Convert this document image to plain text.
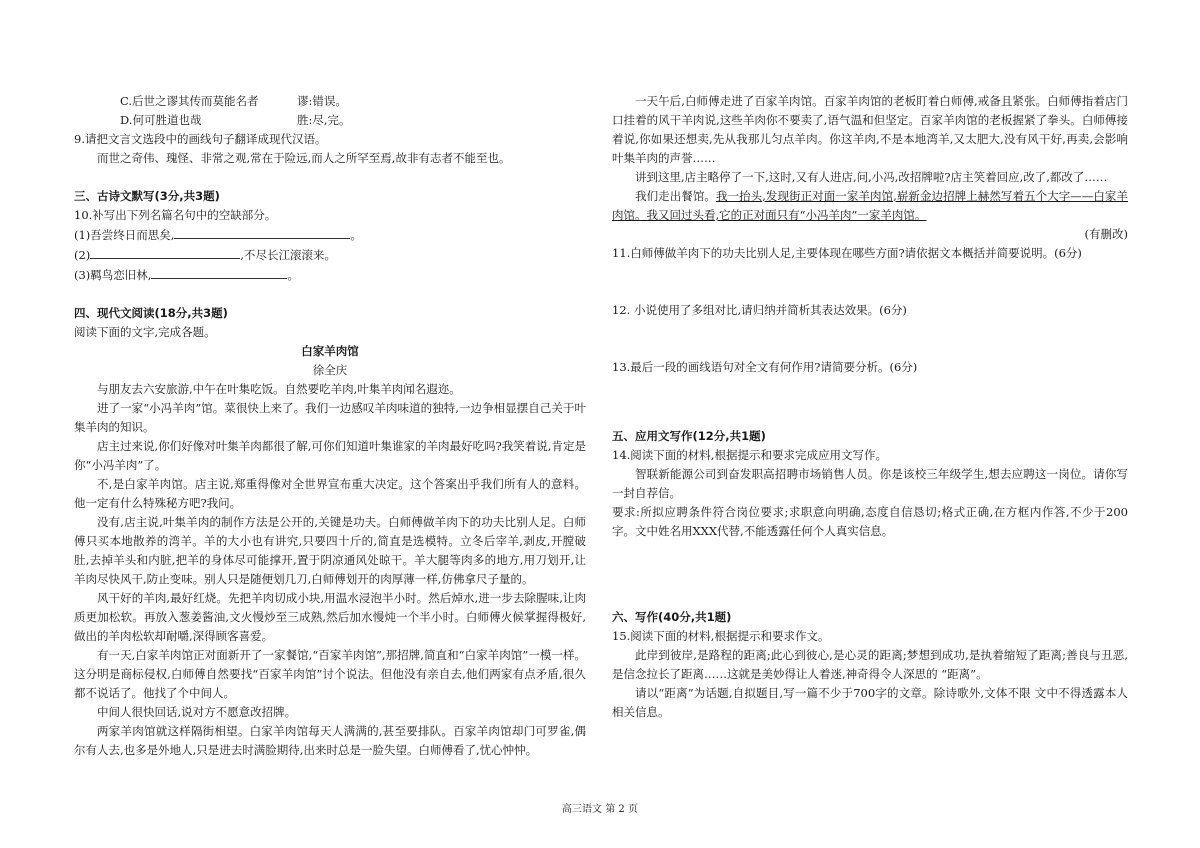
C.后世之谬其传而莫能名者	谬:错误。
D.何可胜道也哉	胜:尽,完。
9.请把文言文选段中的画线句子翻译成现代汉语。
而世之奇伟、瑰怪、非常之观,常在于险远,而人之所罕至焉,故非有志者不能至也。
三、古诗文默写(3分,共3题)
10.补写出下列名篇名句中的空缺部分。
(1)吾尝终日而思矣,	。
(2)	,不尽长江滚滚来。
(3)羁鸟恋旧林,	。
四、现代文阅读(18分,共3题)
阅读下面的文字,完成各题。
白家羊肉馆
徐全庆
与朋友去六安旅游,中午在叶集吃饭。自然要吃羊肉,叶集羊肉闻名遐迩。
进了一家“小冯羊肉”馆。菜很快上来了。我们一边感叹羊肉味道的独特,一边争相显摆自己关于叶集羊肉的知识。
店主过来说,你们好像对叶集羊肉都很了解,可你们知道叶集谁家的羊肉最好吃吗?我笑着说,肯定是你“小冯羊肉”了。
不,是白家羊肉馆。店主说,郑重得像对全世界宣布重大决定。这个答案出乎我们所有人的意料。他一定有什么特殊秘方吧?我问。
没有,店主说,叶集羊肉的制作方法是公开的,关键是功夫。白师傅做羊肉下的功夫比别人足。白师傅只买本地散养的湾羊。羊的大小也有讲究,只要四十斤的,简直是选模特。立冬后宰羊,剥皮,开膛破肚,去掉羊头和内脏,把羊的身体尽可能撑开,置于阴凉通风处晾干。羊大腿等肉多的地方,用刀划开,让羊肉尽快风干,防止变味。别人只是随便划几刀,白师傅划开的肉厚薄一样,仿佛拿尺子量的。
风干好的羊肉,最好红烧。先把羊肉切成小块,用温水浸泡半小时。然后焯水,进一步去除腥味,让肉质更加松软。再放入葱姜酱油,文火慢炒至三成熟,然后加水慢炖一个半小时。白师傅火候掌握得极好,做出的羊肉松软却耐嚼,深得顾客喜爱。
有一天,白家羊肉馆正对面新开了一家餐馆,“百家羊肉馆”,那招牌,简直和“白家羊肉馆”一模一样。这分明是商标侵权,白师傅自然要找“百家羊肉馆”讨个说法。但他没有亲自去,他们两家有点矛盾,很久都不说话了。他找了个中间人。
中间人很快回话,说对方不愿意改招牌。
两家羊肉馆就这样隔街相望。白家羊肉馆每天人满满的,甚至要排队。百家羊肉馆却门可罗雀,偶尔有人去,也多是外地人,只是进去时满脸期待,出来时总是一脸失望。白师傅看了,忧心忡忡。
一天午后,白师傅走进了百家羊肉馆。百家羊肉馆的老板盯着白师傅,戒备且紧张。白师傅指着店门口挂着的风干羊肉说,这些羊肉你不要卖了,语气温和但坚定。百家羊肉馆的老板握紧了拳头。白师傅接着说,你如果还想卖,先从我那儿匀点羊肉。你这羊肉,不是本地湾羊,又太肥大,没有风干好,再卖,会影响叶集羊肉的声誉……
讲到这里,店主略停了一下,这时,又有人进店,问,小冯,改招牌啦?店主笑着回应,改了,都改了……
我们走出餐馆。我一抬头,发现街正对面一家羊肉馆,崭新金边招牌上赫然写着五个大字——白家羊肉馆。我又回过头看,它的正对面只有“小冯羊肉”一家羊肉馆。
(有删改)
11.白师傅做羊肉下的功夫比别人足,主要体现在哪些方面?请依据文本概括并简要说明。(6分)
12. 小说使用了多组对比,请归纳并简析其表达效果。(6分)
13.最后一段的画线语句对全文有何作用?请简要分析。(6分)
五、应用文写作(12分,共1题)
14.阅读下面的材料,根据提示和要求完成应用文写作。
智联新能源公司到奋发职高招聘市场销售人员。你是该校三年级学生,想去应聘这一岗位。请你写一封自荐信。
要求:所拟应聘条件符合岗位要求;求职意向明确,态度自信恳切;格式正确,在方框内作答,不少于200字。文中姓名用XXX代替,不能透露任何个人真实信息。
六、写作(40分,共1题)
15.阅读下面的材料,根据提示和要求作文。
此岸到彼岸,是路程的距离;此心到彼心,是心灵的距离;梦想到成功,是执着缩短了距离;善良与丑恶,是信念拉长了距离……这就是美妙得让人着迷,神奇得令人深思的 “距离”。
请以“距离”为话题,自拟题目,写一篇不少于700字的文章。除诗歌外,文体不限 文中不得透露本人相关信息。
高三语文 第 2 页
